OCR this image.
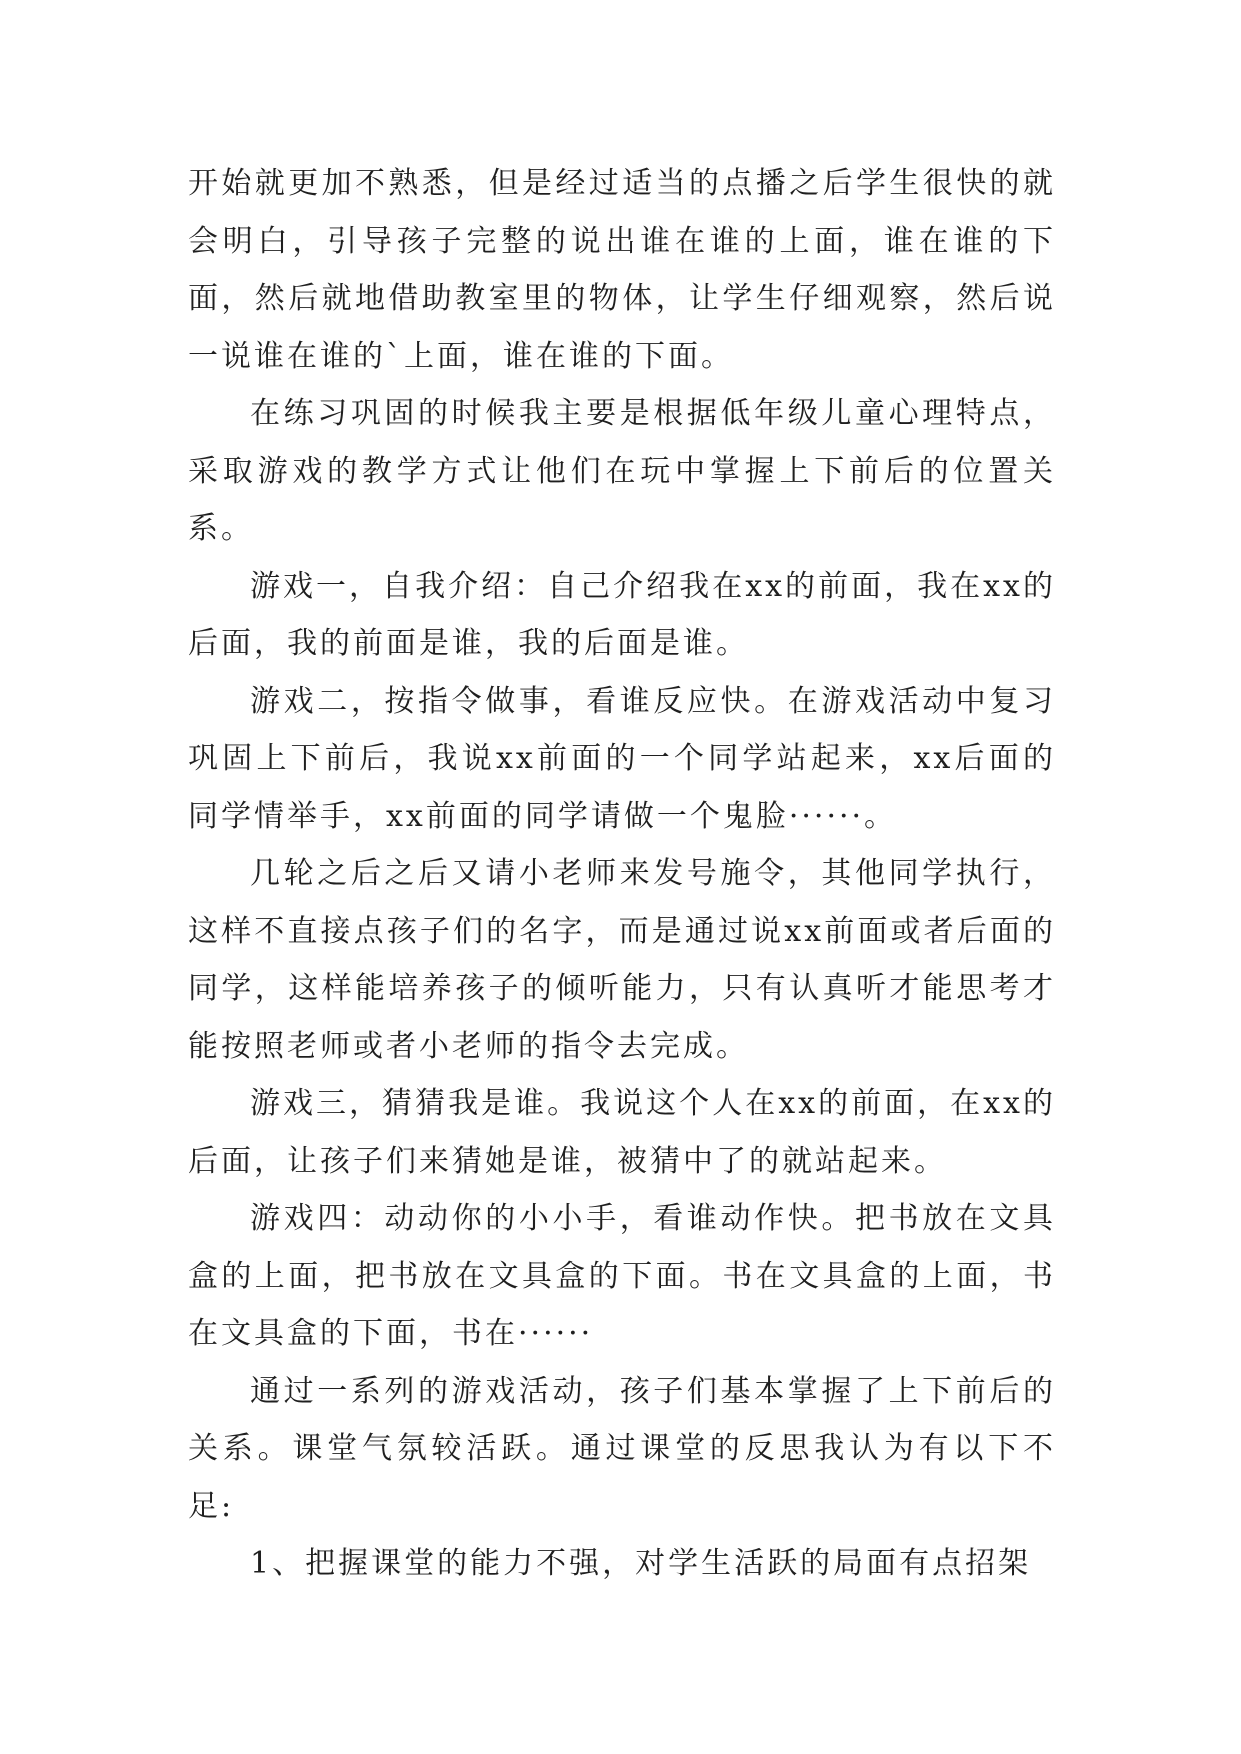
开始就更加不熟悉，但是经过适当的点播之后学生很快的就会明白，引导孩子完整的说出谁在谁的上面，谁在谁的下面，然后就地借助教室里的物体，让学生仔细观察，然后说一说谁在谁的`上面，谁在谁的下面。

在练习巩固的时候我主要是根据低年级儿童心理特点，采取游戏的教学方式让他们在玩中掌握上下前后的位置关系。

游戏一，自我介绍：自己介绍我在xx的前面，我在xx的后面，我的前面是谁，我的后面是谁。

游戏二，按指令做事，看谁反应快。在游戏活动中复习巩固上下前后，我说xx前面的一个同学站起来，xx后面的同学情举手，xx前面的同学请做一个鬼脸······。

几轮之后之后又请小老师来发号施令，其他同学执行，这样不直接点孩子们的名字，而是通过说xx前面或者后面的同学，这样能培养孩子的倾听能力，只有认真听才能思考才能按照老师或者小老师的指令去完成。

游戏三，猜猜我是谁。我说这个人在xx的前面，在xx的后面，让孩子们来猜她是谁，被猜中了的就站起来。

游戏四：动动你的小小手，看谁动作快。把书放在文具盒的上面，把书放在文具盒的下面。书在文具盒的上面，书在文具盒的下面，书在······

通过一系列的游戏活动，孩子们基本掌握了上下前后的关系。课堂气氛较活跃。通过课堂的反思我认为有以下不足:

1、把握课堂的能力不强，对学生活跃的局面有点招架
